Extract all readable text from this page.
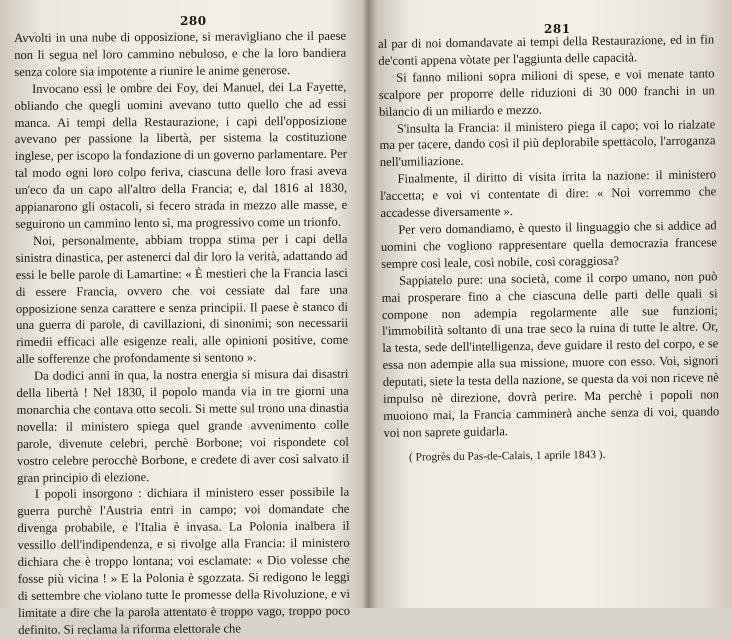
280

Avvolti in una nube di opposizione, si meravigliano che il paese non li segua nel loro cammino nebuloso, e che la loro bandiera senza colore sia impotente a riunire le anime generose.

Invocano essi le ombre dei Foy, dei Manuel, dei La Fayette, obliando che quegli uomini avevano tutto quello che ad essi manca. Ai tempi della Restaurazione, i capi dell'opposizione avevano per passione la libertà, per sistema la costituzione inglese, per iscopo la fondazione di un governo parlamentare. Per tal modo ogni loro colpo feriva, ciascuna delle loro frasi aveva un'eco da un capo all'altro della Francia; e, dal 1816 al 1830, appianarono gli ostacoli, si fecero strada in mezzo alle masse, e seguirono un cammino lento sì, ma progressivo come un trionfo.

Noi, personalmente, abbiam troppa stima per i capi della sinistra dinastica, per astenerci dal dir loro la verità, adattando ad essi le belle parole di Lamartine: « È mestieri che la Francia lasci di essere Francia, ovvero che voi cessiate dal fare una opposizione senza carattere e senza principii. Il paese è stanco di una guerra di parole, di cavillazioni, di sinonimi; son necessarii rimedii efficaci alle esigenze reali, alle opinioni positive, come alle sofferenze che profondamente si sentono ».

Da dodici anni in qua, la nostra energia si misura dai disastri della libertà ! Nel 1830, il popolo manda via in tre giorni una monarchia che contava otto secoli. Si mette sul trono una dinastia novella: il ministero spiega quel grande avvenimento colle parole, divenute celebri, perchè Borbone; voi rispondete col vostro celebre perocchè Borbone, e credete di aver così salvato il gran principio di elezione.

I popoli insorgono : dichiara il ministero esser possibile la guerra purchè l'Austria entri in campo; voi domandate che divenga probabile, e l'Italia è invasa. La Polonia inalbera il vessillo dell'indipendenza, e si rivolge alla Francia: il ministero dichiara che è troppo lontana; voi esclamate: « Dio volesse che fosse più vicina ! » E la Polonia è sgozzata. Si redigono le leggi di settembre che violano tutte le promesse della Rivoluzione, e vi limitate a dire che la parola attentato è troppo vago, troppo poco definito. Si reclama la riforma elettorale che

281

al par di noi domandavate ai tempi della Restaurazione, ed in fin de'conti appena vòtate per l'aggiunta delle capacità.

Si fanno milioni sopra milioni di spese, e voi menate tanto scalpore per proporre delle riduzioni di 30 000 franchi in un bilancio di un miliardo e mezzo.

S'insulta la Francia: il ministero piega il capo; voi lo rialzate ma per tacere, dando così il più deplorabile spettacolo, l'arroganza nell'umiliazione.

Finalmente, il diritto di visita irrita la nazione: il ministero l'accetta; e voi vi contentate di dire: « Noi vorremmo che accadesse diversamente ».

Per vero domandiamo, è questo il linguaggio che si addice ad uomini che vogliono rappresentare quella democrazia francese sempre così leale, così nobile, così coraggiosa?

Sappiatelo pure: una società, come il corpo umano, non può mai prosperare fino a che ciascuna delle parti delle quali si compone non adempia regolarmente alle sue funzioni; l'immobilità soltanto di una trae seco la ruina di tutte le altre. Or, la testa, sede dell'intelligenza, deve guidare il resto del corpo, e se essa non adempie alla sua missione, muore con esso. Voi, signori deputati, siete la testa della nazione, se questa da voi non riceve nè impulso nè direzione, dovrà perire. Ma perchè i popoli non muoiono mai, la Francia camminerà anche senza di voi, quando voi non saprete guidarla.

( Progrès du Pas-de-Calais, 1 aprile 1843 ).
